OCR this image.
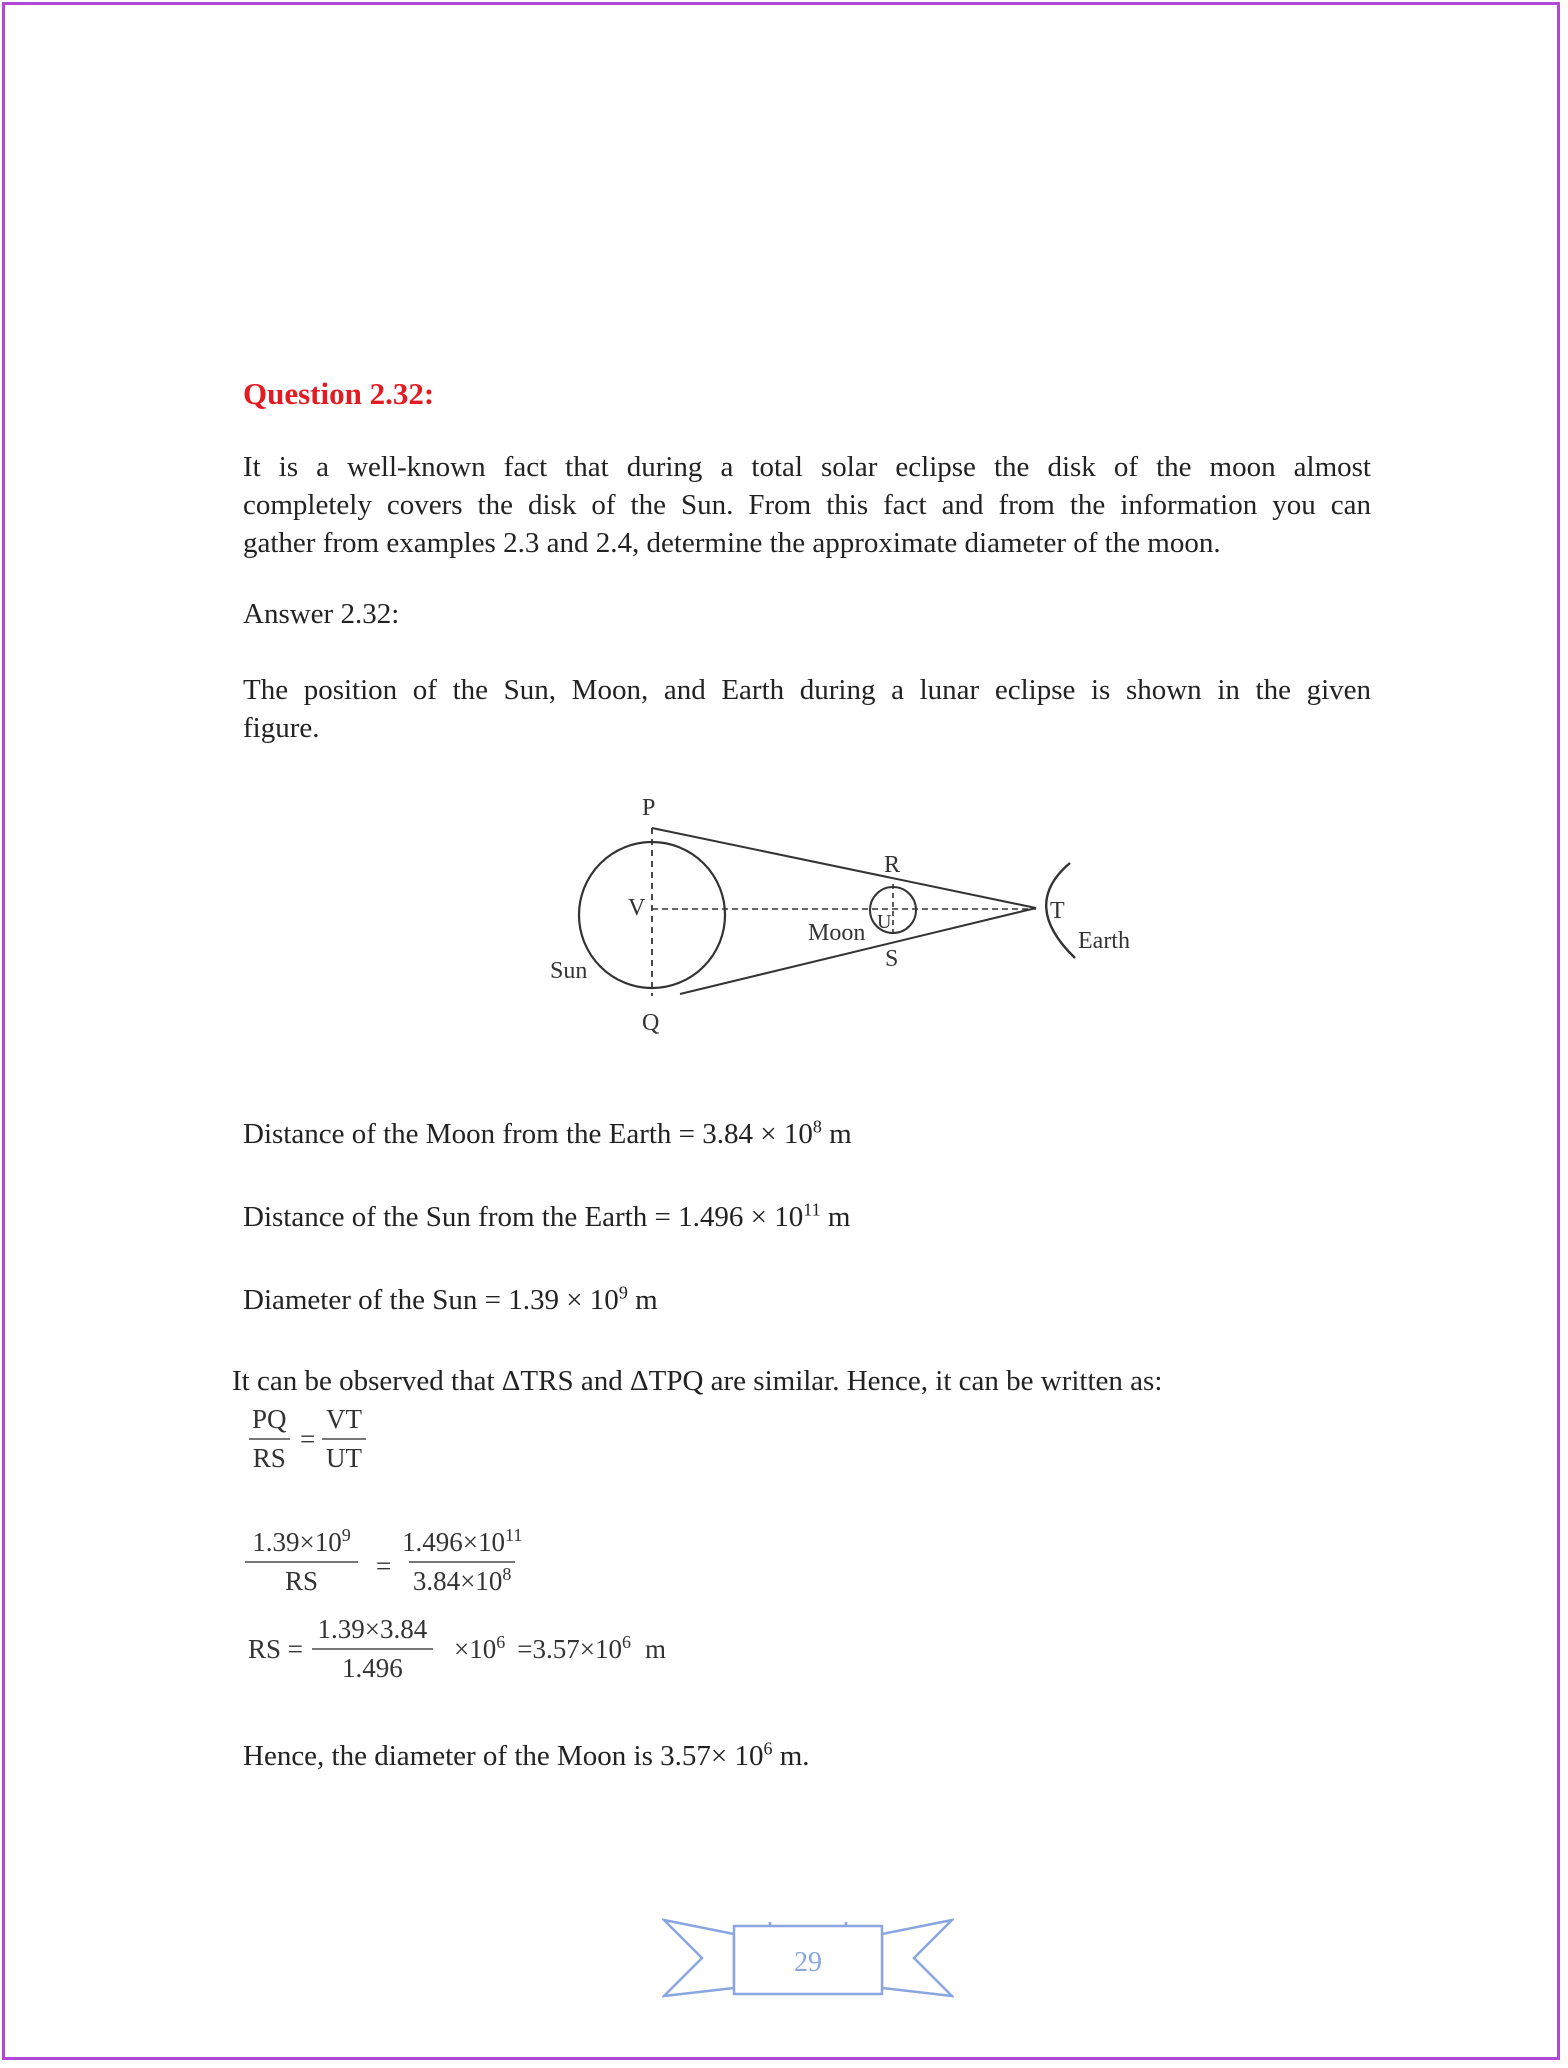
Question 2.32:
It is a well-known fact that during a total solar eclipse the disk of the moon almost
completely covers the disk of the Sun. From this fact and from the information you can
gather from examples 2.3 and 2.4, determine the approximate diameter of the moon.
Answer 2.32:
The position of the Sun, Moon, and Earth during a lunar eclipse is shown in the given
figure.
P
Q
V
R
S
U	T
Sun
Moon	Earth
Distance of the Moon from the Earth = $3.84 \times 10^8$ m
Distance of the Sun from the Earth = $1.496 \times 10^{11}$ m
Diameter of the Sun = $1.39 \times 10^9$ m
It can be observed that ΔTRS and ΔTPQ are similar. Hence, it can be written as:
$\frac{PQ}{RS} = \frac{VT}{UT}$
$\frac{1.39\times 10^9}{RS} = \frac{1.496\times 10^{11}}{3.84\times 10^8}$
RS = $\frac{1.39\times 3.84}{1.496} \times 10^6 =3.57\times 10^6$ m
Hence, the diameter of the Moon is $3.57\times 10^6$ m.
29
